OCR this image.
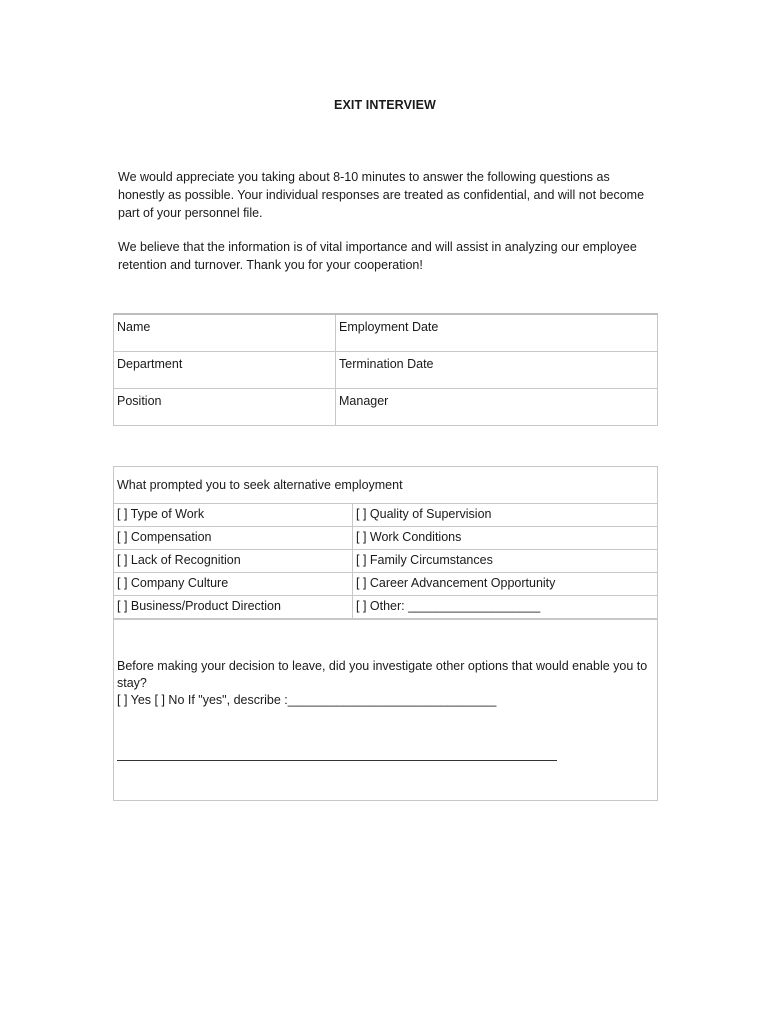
EXIT INTERVIEW
We would appreciate you taking about 8-10 minutes to answer the following questions as honestly as possible. Your individual responses are treated as confidential, and will not become part of your personnel file.
We believe that the information is of vital importance and will assist in analyzing our employee retention and turnover. Thank you for your cooperation!
Name	Employment Date
Department	Termination Date
Position	Manager
What prompted you to seek alternative employment	
[ ] Type of Work	[ ] Quality of Supervision
[ ] Compensation	[ ] Work Conditions
[ ] Lack of Recognition	[ ] Family Circumstances
[ ] Company Culture	[ ] Career Advancement Opportunity
[ ] Business/Product Direction	[ ] Other: ___________________
Before making your decision to leave, did you investigate other options that would enable you to stay?
[ ] Yes [ ] No If "yes", describe :______________________________
